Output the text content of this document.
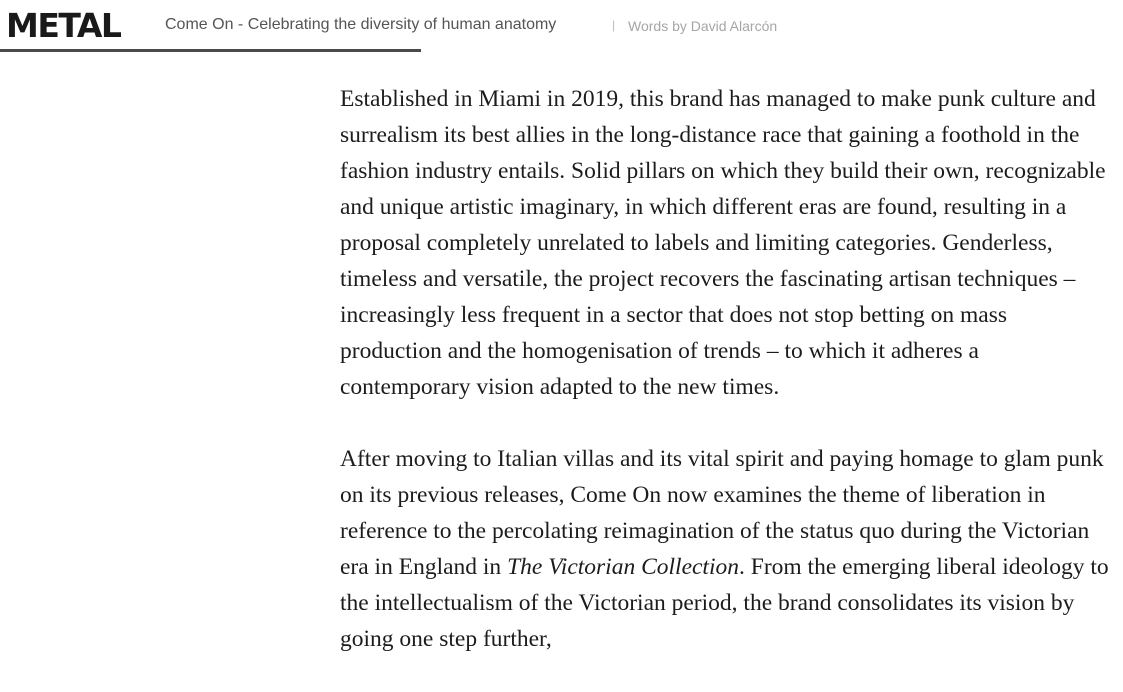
METAL	Come On - Celebrating the diversity of human anatomy	| Words by David Alarcón

Established in Miami in 2019, this brand has managed to make punk culture and surrealism its best allies in the long-distance race that gaining a foothold in the fashion industry entails. Solid pillars on which they build their own, recognizable and unique artistic imaginary, in which different eras are found, resulting in a proposal completely unrelated to labels and limiting categories. Genderless, timeless and versatile, the project recovers the fascinating artisan techniques – increasingly less frequent in a sector that does not stop betting on mass production and the homogenisation of trends – to which it adheres a contemporary vision adapted to the new times.

After moving to Italian villas and its vital spirit and paying homage to glam punk on its previous releases, Come On now examines the theme of liberation in reference to the percolating reimagination of the status quo during the Victorian era in England in The Victorian Collection. From the emerging liberal ideology to the intellectualism of the Victorian period, the brand consolidates its vision by going one step further,
